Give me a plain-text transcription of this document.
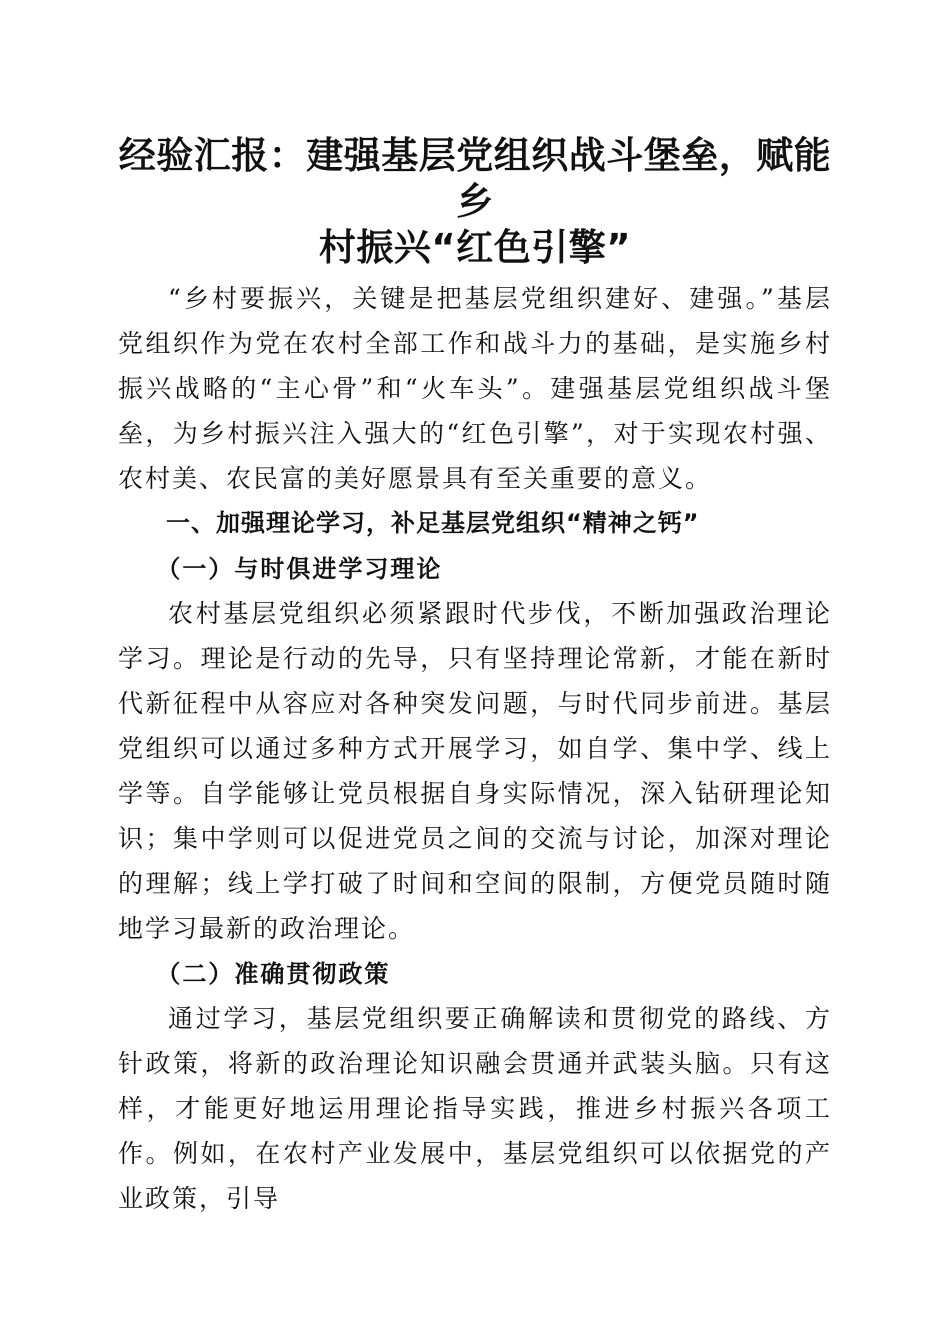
经验汇报：建强基层党组织战斗堡垒，赋能乡
村振兴“红色引擎”

“乡村要振兴，关键是把基层党组织建好、建强。”基层党组织作为党在农村全部工作和战斗力的基础，是实施乡村振兴战略的“主心骨”和“火车头”。建强基层党组织战斗堡垒，为乡村振兴注入强大的“红色引擎”，对于实现农村强、农村美、农民富的美好愿景具有至关重要的意义。

一、加强理论学习，补足基层党组织“精神之钙”

（一）与时俱进学习理论

农村基层党组织必须紧跟时代步伐，不断加强政治理论学习。理论是行动的先导，只有坚持理论常新，才能在新时代新征程中从容应对各种突发问题，与时代同步前进。基层党组织可以通过多种方式开展学习，如自学、集中学、线上学等。自学能够让党员根据自身实际情况，深入钻研理论知识；集中学则可以促进党员之间的交流与讨论，加深对理论的理解；线上学打破了时间和空间的限制，方便党员随时随地学习最新的政治理论。

（二）准确贯彻政策

通过学习，基层党组织要正确解读和贯彻党的路线、方针政策，将新的政治理论知识融会贯通并武装头脑。只有这样，才能更好地运用理论指导实践，推进乡村振兴各项工作。例如，在农村产业发展中，基层党组织可以依据党的产业政策，引导
